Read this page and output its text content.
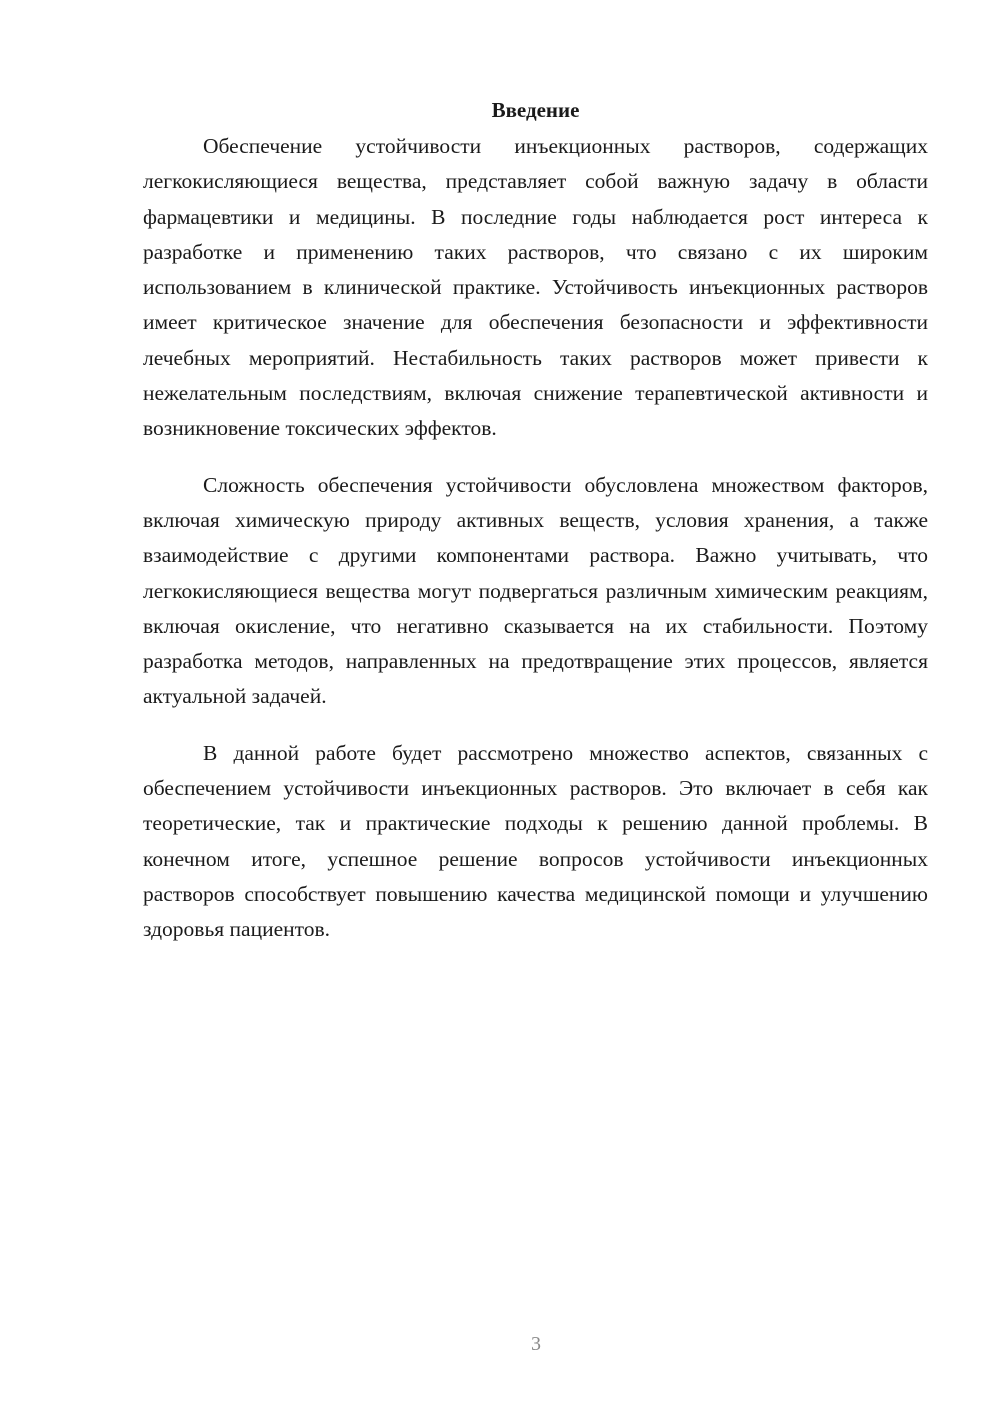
Введение

Обеспечение устойчивости инъекционных растворов, содержащих легкокисляющиеся вещества, представляет собой важную задачу в области фармацевтики и медицины. В последние годы наблюдается рост интереса к разработке и применению таких растворов, что связано с их широким использованием в клинической практике. Устойчивость инъекционных растворов имеет критическое значение для обеспечения безопасности и эффективности лечебных мероприятий. Нестабильность таких растворов может привести к нежелательным последствиям, включая снижение терапевтической активности и возникновение токсических эффектов.

Сложность обеспечения устойчивости обусловлена множеством факторов, включая химическую природу активных веществ, условия хранения, а также взаимодействие с другими компонентами раствора. Важно учитывать, что легкокисляющиеся вещества могут подвергаться различным химическим реакциям, включая окисление, что негативно сказывается на их стабильности. Поэтому разработка методов, направленных на предотвращение этих процессов, является актуальной задачей.

В данной работе будет рассмотрено множество аспектов, связанных с обеспечением устойчивости инъекционных растворов. Это включает в себя как теоретические, так и практические подходы к решению данной проблемы. В конечном итоге, успешное решение вопросов устойчивости инъекционных растворов способствует повышению качества медицинской помощи и улучшению здоровья пациентов.

3
